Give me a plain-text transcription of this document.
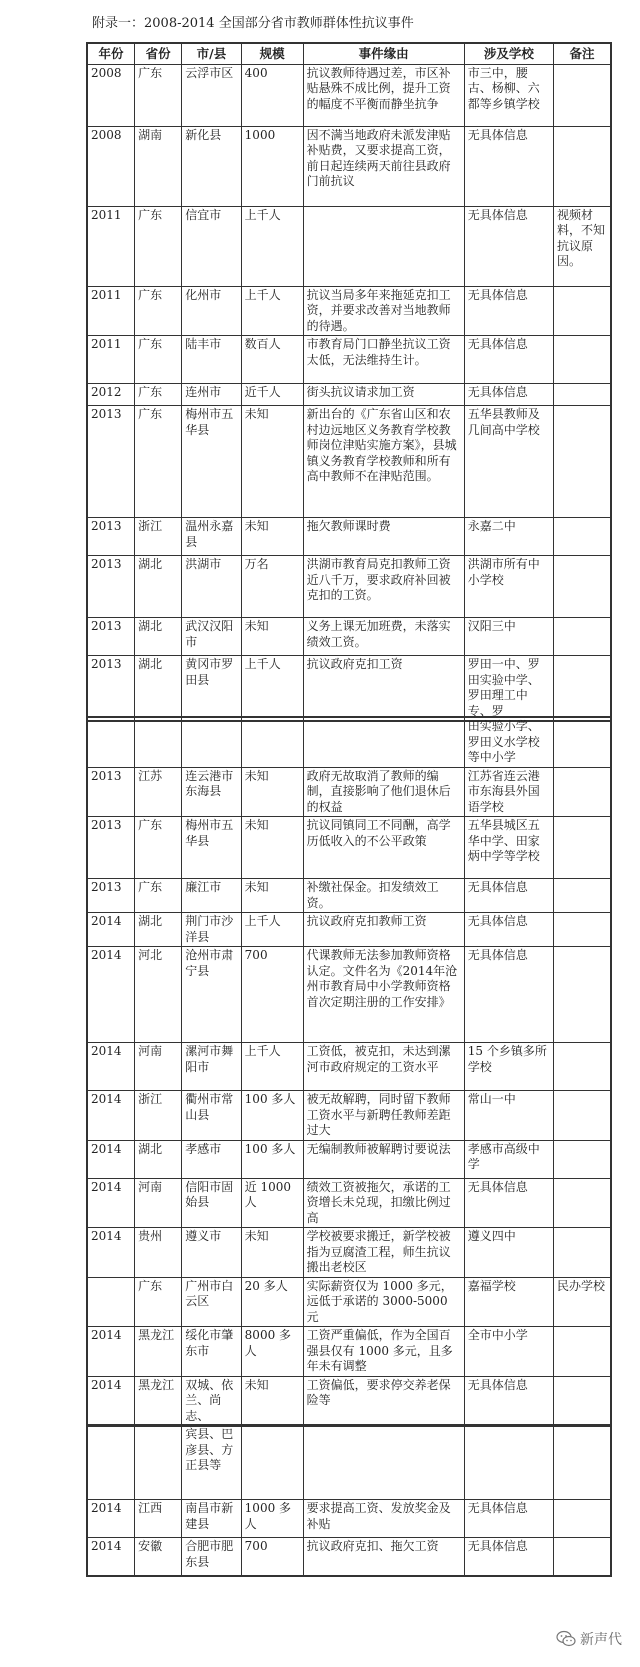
附录一：2008-2014 全国部分省市教师群体性抗议事件
年份	省份	市/县	规模	事件缘由	涉及学校	备注
2008	广东	云浮市区	400	抗议教师待遇过差，市区补贴悬殊不成比例，提升工资的幅度不平衡而静坐抗争	市三中，腰古、杨柳、六都等乡镇学校	
2008	湖南	新化县	1000	因不满当地政府未派发津贴补贴费，又要求提高工资，前日起连续两天前往县政府门前抗议	无具体信息	
2011	广东	信宜市	上千人		无具体信息	视频材料，不知抗议原因。
2011	广东	化州市	上千人	抗议当局多年来拖延克扣工资，并要求改善对当地教师的待遇。	无具体信息	
2011	广东	陆丰市	数百人	市教育局门口静坐抗议工资太低，无法维持生计。	无具体信息	
2012	广东	连州市	近千人	街头抗议请求加工资	无具体信息	
2013	广东	梅州市五华县	未知	新出台的《广东省山区和农村边远地区义务教育学校教师岗位津贴实施方案》，县城镇义务教育学校教师和所有高中教师不在津贴范围。	五华县教师及几间高中学校	
2013	浙江	温州永嘉县	未知	拖欠教师课时费	永嘉二中	
2013	湖北	洪湖市	万名	洪湖市教育局克扣教师工资近八千万，要求政府补回被克扣的工资。	洪湖市所有中小学校	
2013	湖北	武汉汉阳市	未知	义务上课无加班费，未落实绩效工资。	汉阳三中	
2013	湖北	黄冈市罗田县	上千人	抗议政府克扣工资	罗田一中、罗田实验中学、罗田理工中专、罗	
					田实验小学、罗田义水学校等中小学	
2013	江苏	连云港市东海县	未知	政府无故取消了教师的编制，直接影响了他们退休后的权益	江苏省连云港市东海县外国语学校	
2013	广东	梅州市五华县	未知	抗议同镇同工不同酬，高学历低收入的不公平政策	五华县城区五华中学、田家炳中学等学校	
2013	广东	廉江市	未知	补缴社保金。扣发绩效工资。	无具体信息	
2014	湖北	荆门市沙洋县	上千人	抗议政府克扣教师工资	无具体信息	
2014	河北	沧州市肃宁县	700	代课教师无法参加教师资格认定。文件名为《2014年沧州市教育局中小学教师资格首次定期注册的工作安排》	无具体信息	
2014	河南	漯河市舞阳市	上千人	工资低，被克扣，未达到漯河市政府规定的工资水平	15 个乡镇多所学校	
2014	浙江	衢州市常山县	100 多人	被无故解聘，同时留下教师工资水平与新聘任教师差距过大	常山一中	
2014	湖北	孝感市	100 多人	无编制教师被解聘讨要说法	孝感市高级中学	
2014	河南	信阳市固始县	近 1000 人	绩效工资被拖欠，承诺的工资增长未兑现，扣缴比例过高	无具体信息	
2014	贵州	遵义市	未知	学校被要求搬迁，新学校被指为豆腐渣工程，师生抗议搬出老校区	遵义四中	
	广东	广州市白云区	20 多人	实际薪资仅为 1000 多元，远低于承诺的 3000-5000 元	嘉福学校	民办学校
2014	黑龙江	绥化市肇东市	8000 多人	工资严重偏低，作为全国百强县仅有 1000 多元，且多年未有调整	全市中小学	
2014	黑龙江	双城、依兰、尚志、	未知	工资偏低，要求停交养老保险等	无具体信息	
		宾县、巴彦县、方正县等				
2014	江西	南昌市新建县	1000 多人	要求提高工资、发放奖金及补贴	无具体信息	
2014	安徽	合肥市肥东县	700	抗议政府克扣、拖欠工资	无具体信息	
新声代
